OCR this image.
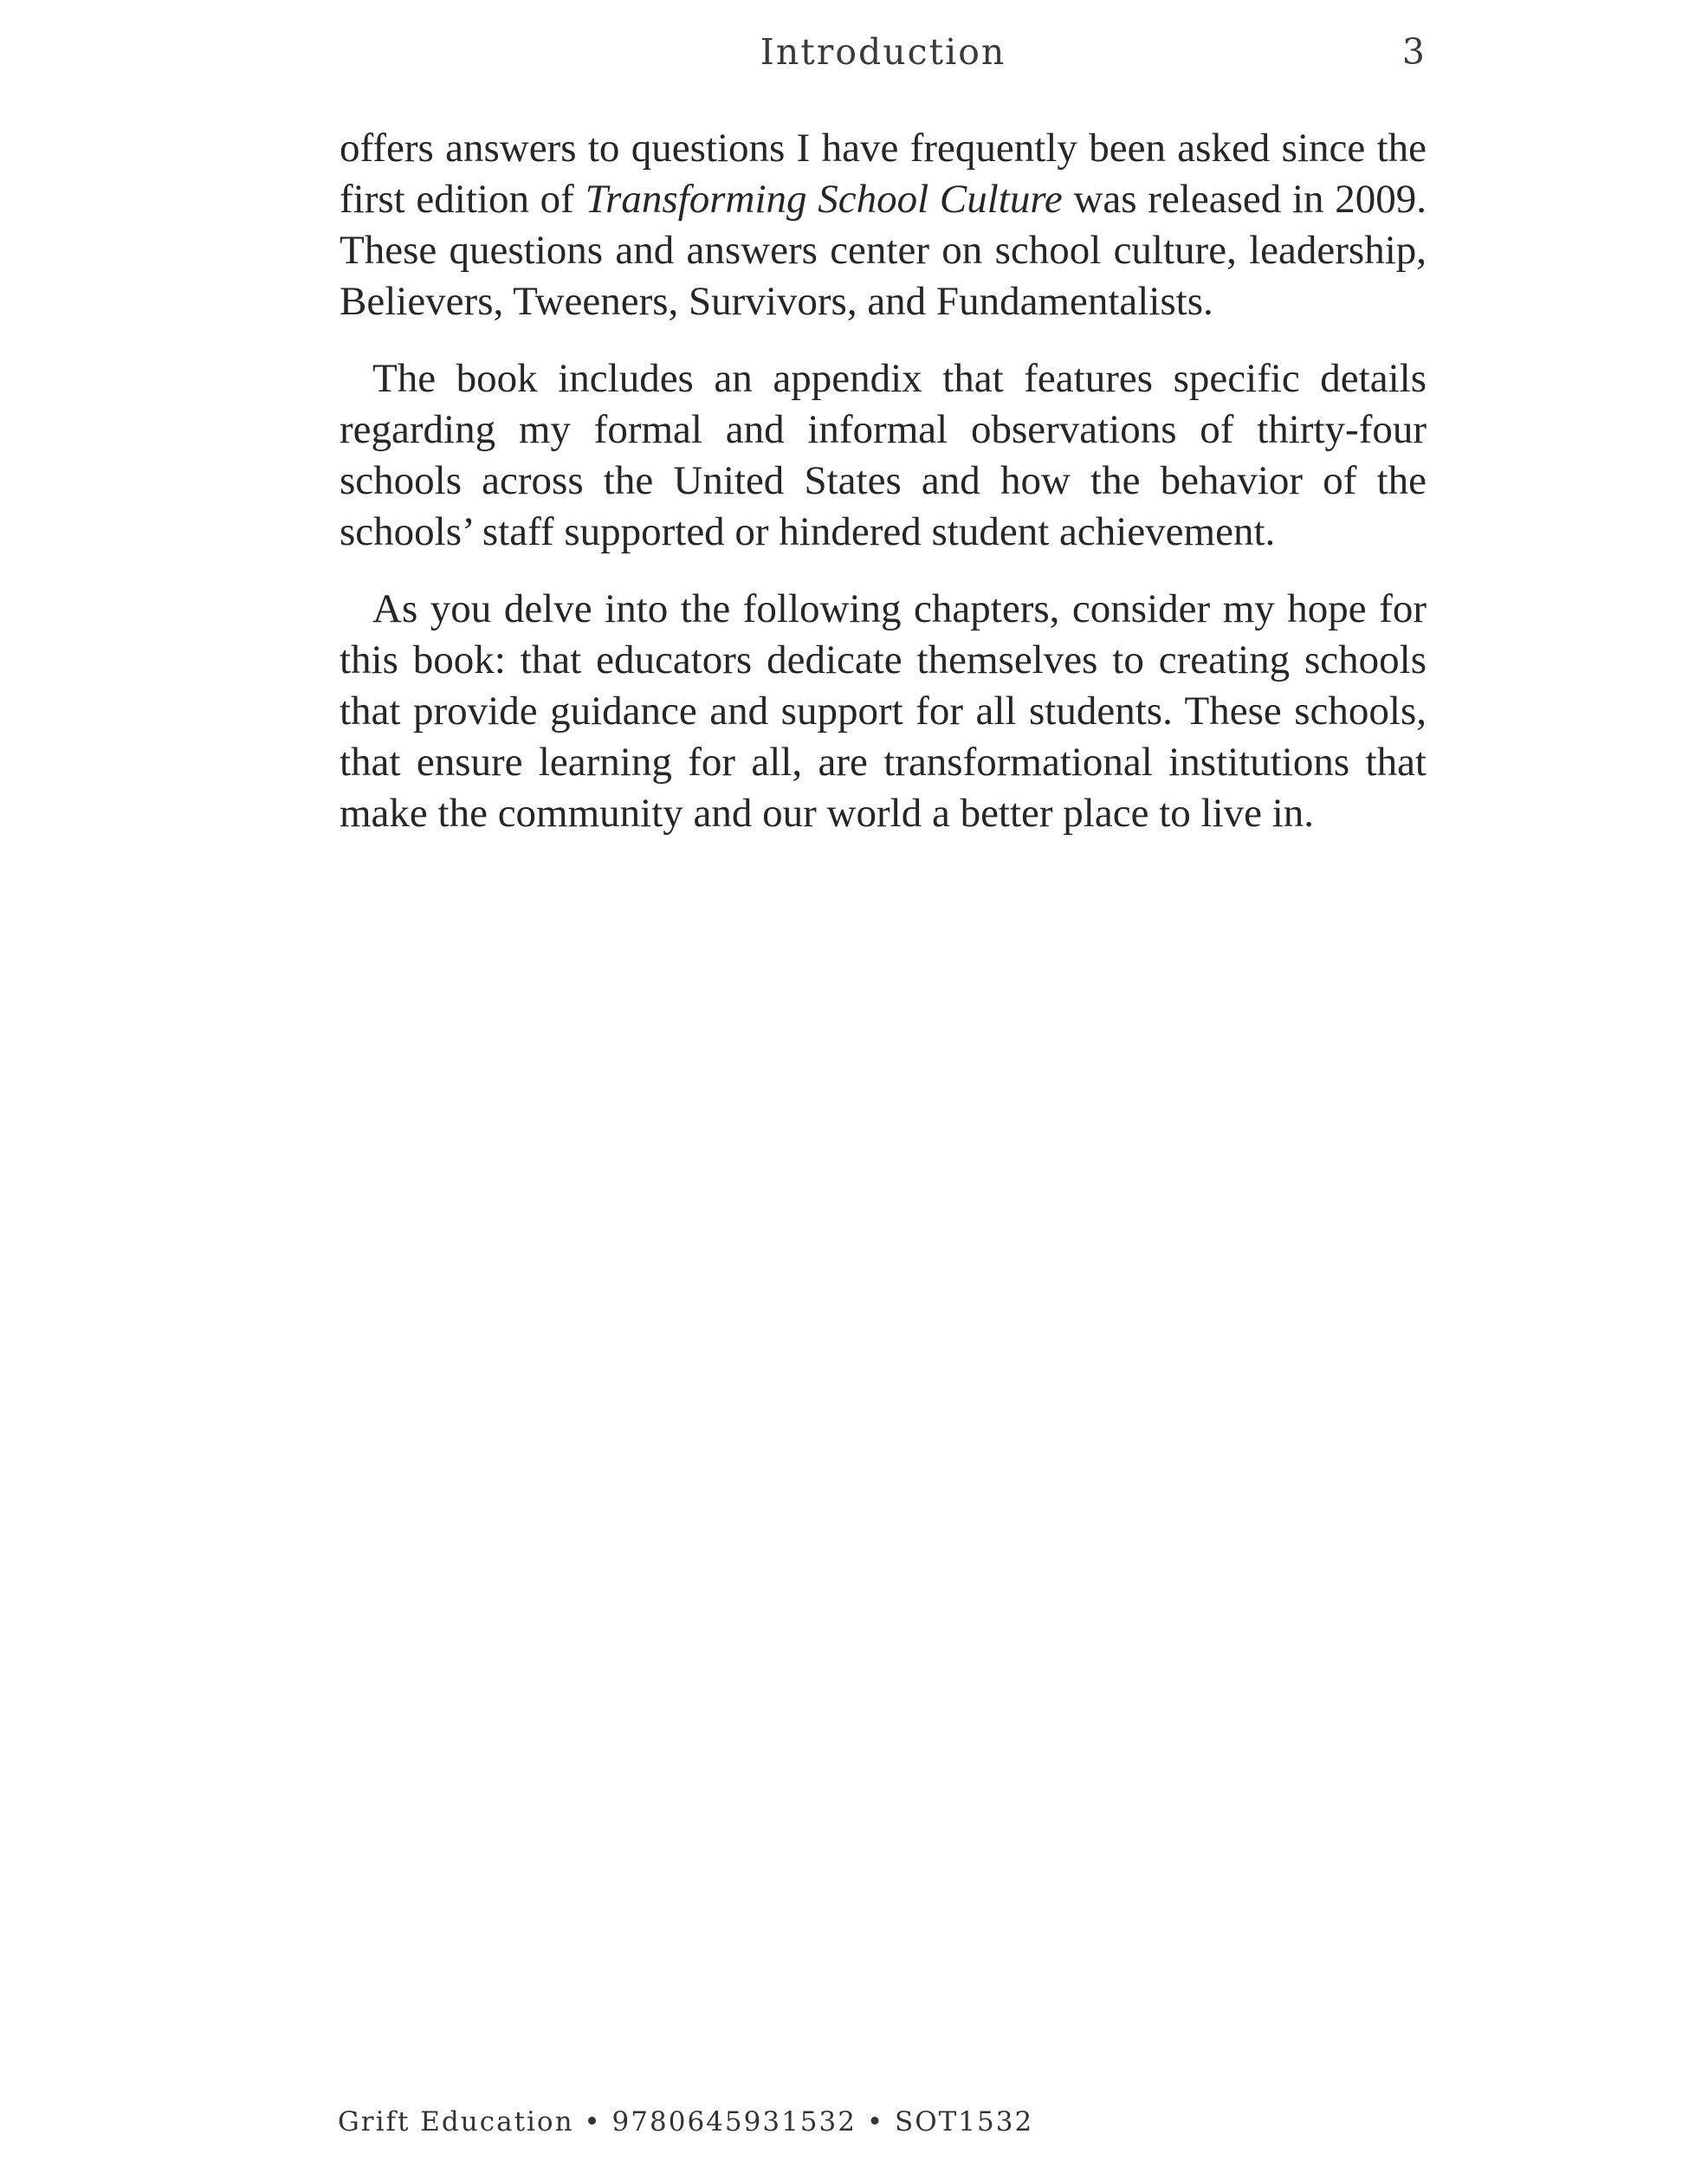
Introduction	3

offers answers to questions I have frequently been asked since the first edition of Transforming School Culture was released in 2009. These questions and answers center on school culture, leadership, Believers, Tweeners, Survivors, and Fundamentalists.

The book includes an appendix that features specific details regarding my formal and informal observations of thirty-four schools across the United States and how the behavior of the schools’ staff supported or hindered student achievement.

As you delve into the following chapters, consider my hope for this book: that educators dedicate themselves to creating schools that provide guidance and support for all students. These schools, that ensure learning for all, are transformational institutions that make the community and our world a better place to live in.

Grift Education • 9780645931532 • SOT1532
